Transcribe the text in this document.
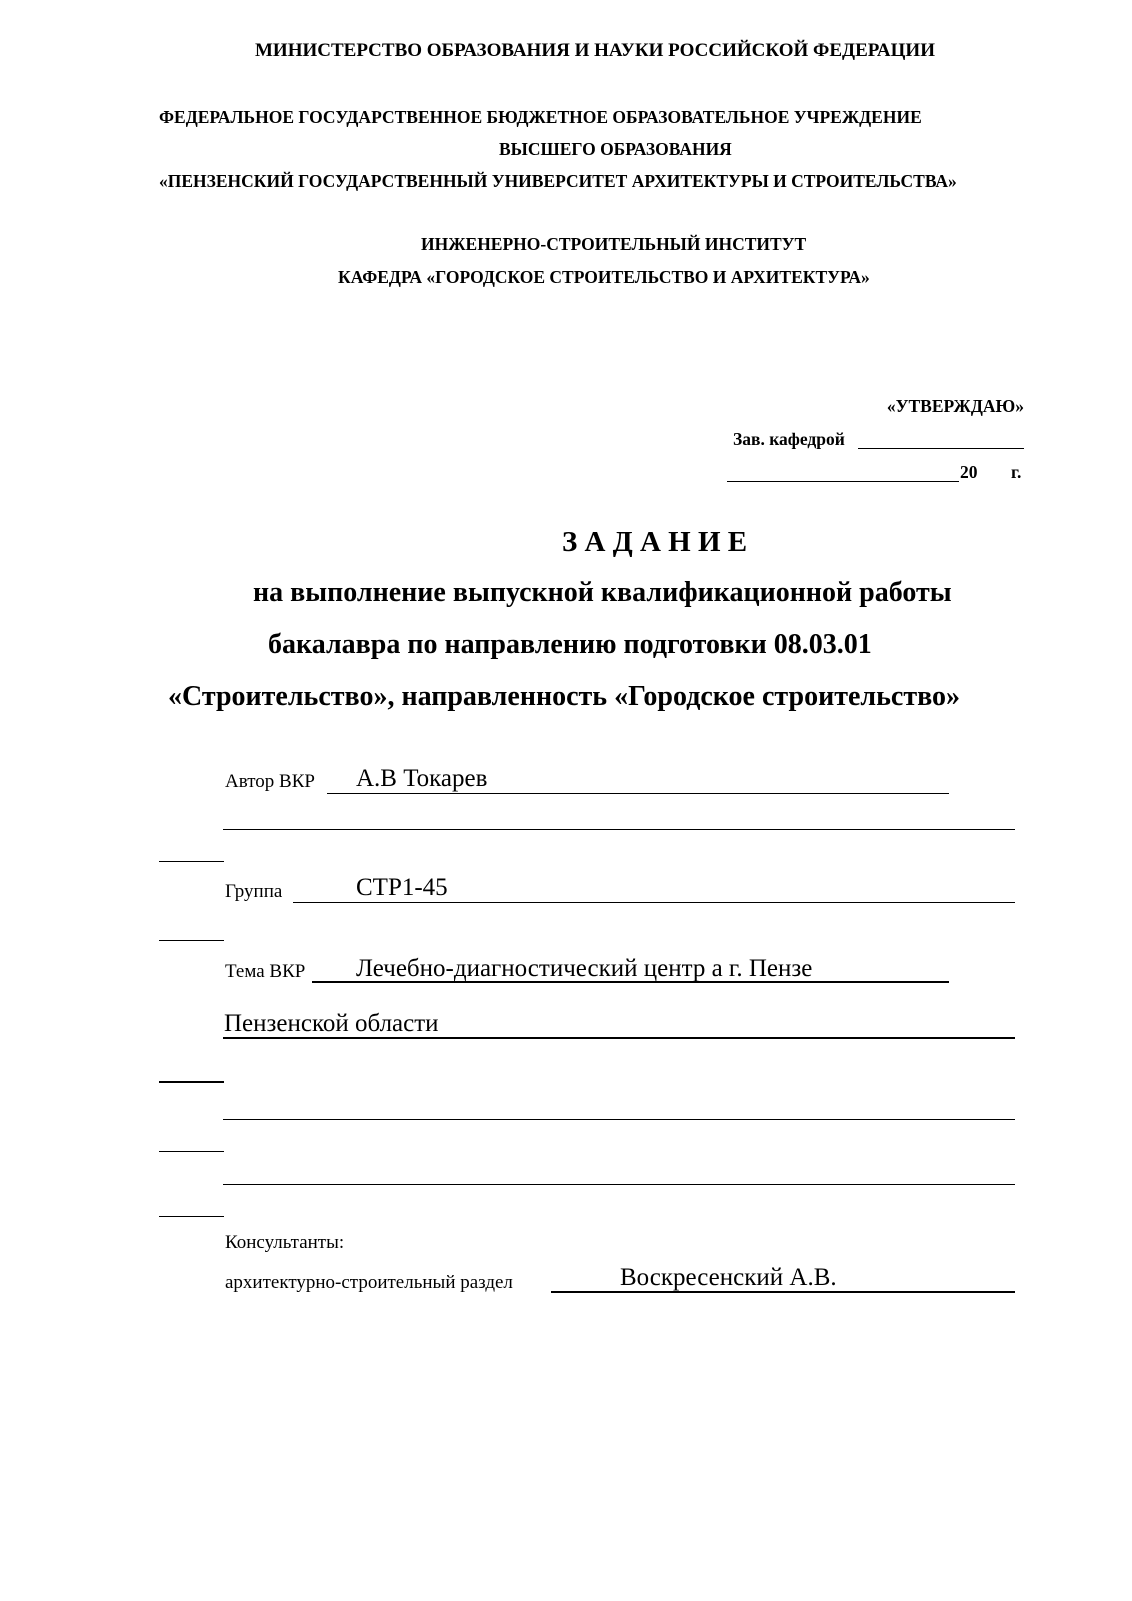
МИНИСТЕРСТВО ОБРАЗОВАНИЯ И НАУКИ РОССИЙСКОЙ ФЕДЕРАЦИИ
ФЕДЕРАЛЬНОЕ ГОСУДАРСТВЕННОЕ БЮДЖЕТНОЕ ОБРАЗОВАТЕЛЬНОЕ УЧРЕЖДЕНИЕ
ВЫСШЕГО ОБРАЗОВАНИЯ
«ПЕНЗЕНСКИЙ ГОСУДАРСТВЕННЫЙ УНИВЕРСИТЕТ АРХИТЕКТУРЫ И СТРОИТЕЛЬСТВА»
ИНЖЕНЕРНО-СТРОИТЕЛЬНЫЙ ИНСТИТУТ
КАФЕДРА «ГОРОДСКОЕ СТРОИТЕЛЬСТВО И АРХИТЕКТУРА»
«УТВЕРЖДАЮ»
Зав. кафедрой
20 г.
З А Д А Н И Е
на выполнение выпускной квалификационной работы
бакалавра по направлению подготовки 08.03.01
«Строительство», направленность «Городское строительство»
Автор ВКР А.В Токарев
Группа	СТР1-45
Тема ВКР Лечебно-диагностический центр а г. Пензе
Пензенской области
Консультанты:
архитектурно-строительный раздел	Воскресенский А.В.
